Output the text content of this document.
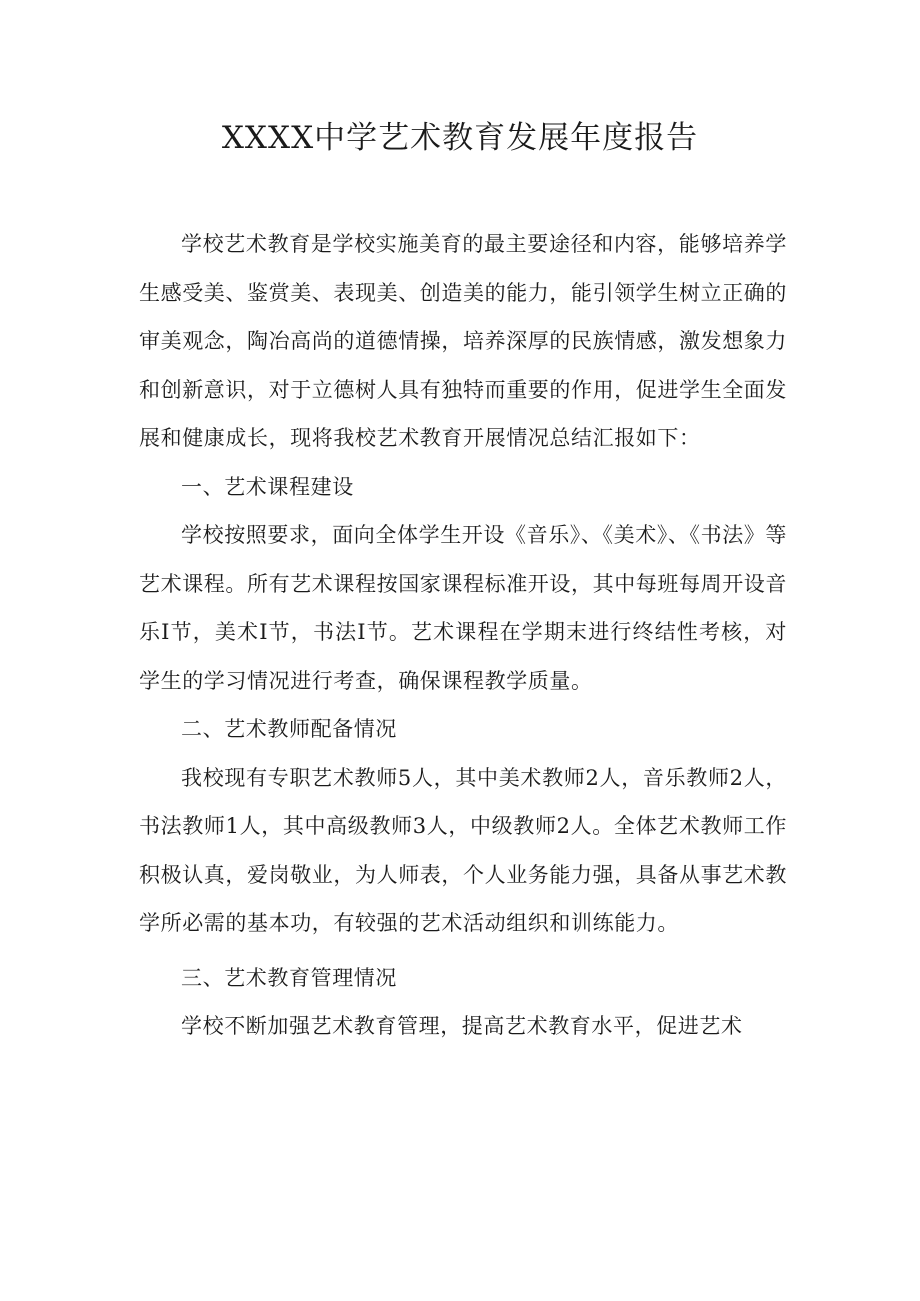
XXXX中学艺术教育发展年度报告

学校艺术教育是学校实施美育的最主要途径和内容，能够培养学生感受美、鉴赏美、表现美、创造美的能力，能引领学生树立正确的审美观念，陶冶高尚的道德情操，培养深厚的民族情感，激发想象力和创新意识，对于立德树人具有独特而重要的作用，促进学生全面发展和健康成长，现将我校艺术教育开展情况总结汇报如下：

一、艺术课程建设

学校按照要求，面向全体学生开设《音乐》、《美术》、《书法》等艺术课程。所有艺术课程按国家课程标准开设，其中每班每周开设音乐I节，美术I节，书法I节。艺术课程在学期末进行终结性考核，对学生的学习情况进行考查，确保课程教学质量。

二、艺术教师配备情况

我校现有专职艺术教师5人，其中美术教师2人，音乐教师2人，书法教师1人，其中高级教师3人，中级教师2人。全体艺术教师工作积极认真，爱岗敬业，为人师表，个人业务能力强，具备从事艺术教学所必需的基本功，有较强的艺术活动组织和训练能力。

三、艺术教育管理情况

学校不断加强艺术教育管理，提高艺术教育水平，促进艺术
